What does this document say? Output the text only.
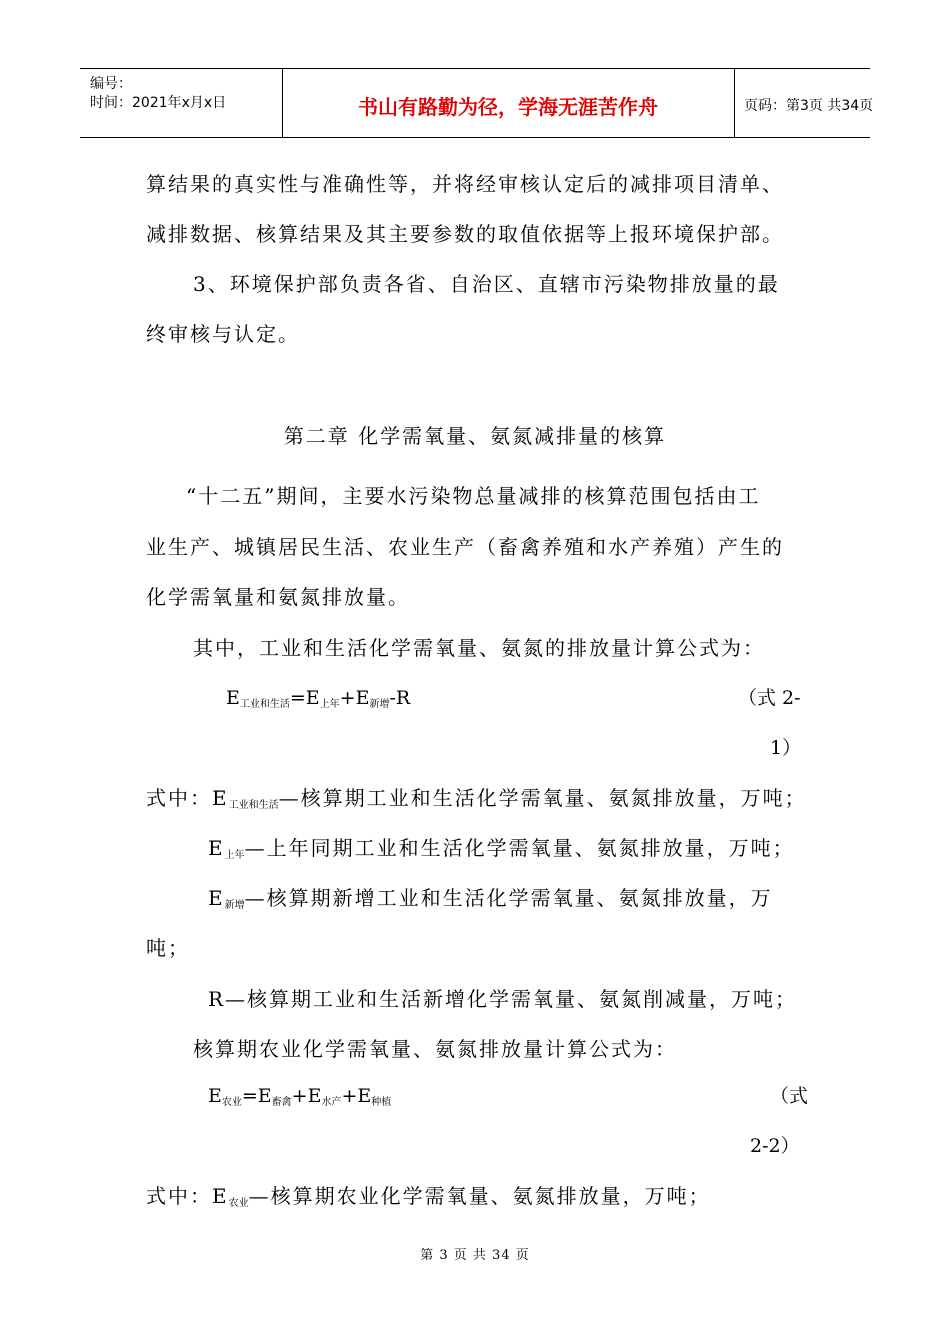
编号：
时间：2021年x月x日	书山有路勤为径，学海无涯苦作舟	页码：第3页 共34页
算结果的真实性与准确性等，并将经审核认定后的减排项目清单、
减排数据、核算结果及其主要参数的取值依据等上报环境保护部。
3、环境保护部负责各省、自治区、直辖市污染物排放量的最
终审核与认定。
第二章 化学需氧量、氨氮减排量的核算
“十二五”期间，主要水污染物总量减排的核算范围包括由工
业生产、城镇居民生活、农业生产（畜禽养殖和水产养殖）产生的
化学需氧量和氨氮排放量。
其中，工业和生活化学需氧量、氨氮的排放量计算公式为：
E工业和生活=E上年+E新增-R	（式 2-
1）
式中：E工业和生活—核算期工业和生活化学需氧量、氨氮排放量，万吨；
E上年—上年同期工业和生活化学需氧量、氨氮排放量，万吨；
E新增—核算期新增工业和生活化学需氧量、氨氮排放量，万
吨；
R—核算期工业和生活新增化学需氧量、氨氮削减量，万吨；
核算期农业化学需氧量、氨氮排放量计算公式为：
E农业=E畜禽+E水产+E种植	（式
2-2）
式中：E农业—核算期农业化学需氧量、氨氮排放量，万吨；
第 3 页 共 34 页
